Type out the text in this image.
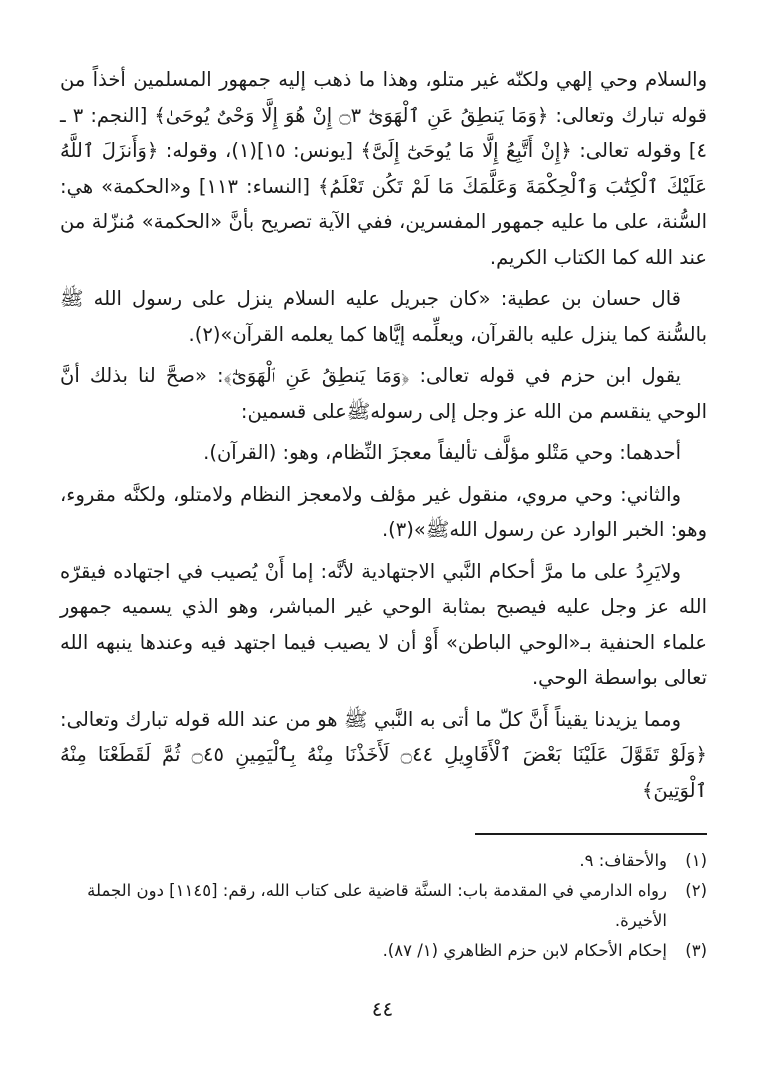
والسلام وحي إلهي ولكنّه غير متلو، وهذا ما ذهب إليه جمهور المسلمين أخذاً من قوله تبارك وتعالى: ﴿وَمَا يَنطِقُ عَنِ ٱلْهَوَىٰٓ ۝٣ إِنْ هُوَ إِلَّا وَحْىٌ يُوحَىٰ﴾ [النجم: ٣ ـ ٤] وقوله تعالى: ﴿إِنْ أَتَّبِعُ إِلَّا مَا يُوحَىٰٓ إِلَىَّ﴾ [يونس: ١٥](١)، وقوله: ﴿وَأَنزَلَ ٱللَّهُ عَلَيْكَ ٱلْكِتَٰبَ وَٱلْحِكْمَةَ وَعَلَّمَكَ مَا لَمْ تَكُن تَعْلَمُ﴾ [النساء: ١١٣] و«الحكمة» هي: السُّنة، على ما عليه جمهور المفسرين، ففي الآية تصريح بأنَّ «الحكمة» مُنزّلة من عند الله كما الكتاب الكريم.

قال حسان بن عطية: «كان جبريل عليه السلام ينزل على رسول الله ﷺ بالسُّنة كما ينزل عليه بالقرآن، ويعلِّمه إيَّاها كما يعلمه القرآن»(٢).

يقول ابن حزم في قوله تعالى: ﴿وَمَا يَنطِقُ عَنِ ٱلْهَوَىٰٓ﴾: «صحَّ لنا بذلك أنَّ الوحي ينقسم من الله عز وجل إلى رسولهﷺعلى قسمين:

أحدهما: وحي مَتْلو مؤلَّف تأليفاً معجزَ النِّظام، وهو: (القرآن).

والثاني: وحي مروي، منقول غير مؤلف ولامعجز النظام ولامتلو، ولكنَّه مقروء، وهو: الخبر الوارد عن رسول اللهﷺ»(٣).

ولايَرِدُ على ما مرَّ أحكام النَّبي الاجتهادية لأنَّه: إما أَنْ يُصيب في اجتهاده فيقرّه الله عز وجل عليه فيصبح بمثابة الوحي غير المباشر، وهو الذي يسميه جمهور علماء الحنفية بـ«الوحي الباطن» أَوْ أن لا يصيب فيما اجتهد فيه وعندها ينبهه الله تعالى بواسطة الوحي.

ومما يزيدنا يقيناً أَنَّ كلّ ما أتى به النَّبي ﷺ هو من عند الله قوله تبارك وتعالى: ﴿وَلَوْ تَقَوَّلَ عَلَيْنَا بَعْضَ ٱلْأَقَاوِيلِ ۝٤٤ لَأَخَذْنَا مِنْهُ بِٱلْيَمِينِ ۝٤٥ ثُمَّ لَقَطَعْنَا مِنْهُ ٱلْوَتِينَ﴾

(١)
والأحقاف: ٩.
(٢)
رواه الدارمي في المقدمة باب: السنَّة قاضية على كتاب الله، رقم: [١١٤٥] دون الجملة الأخيرة.
(٣)
إحكام الأحكام لابن حزم الظاهري (١/ ٨٧).
٤٤
